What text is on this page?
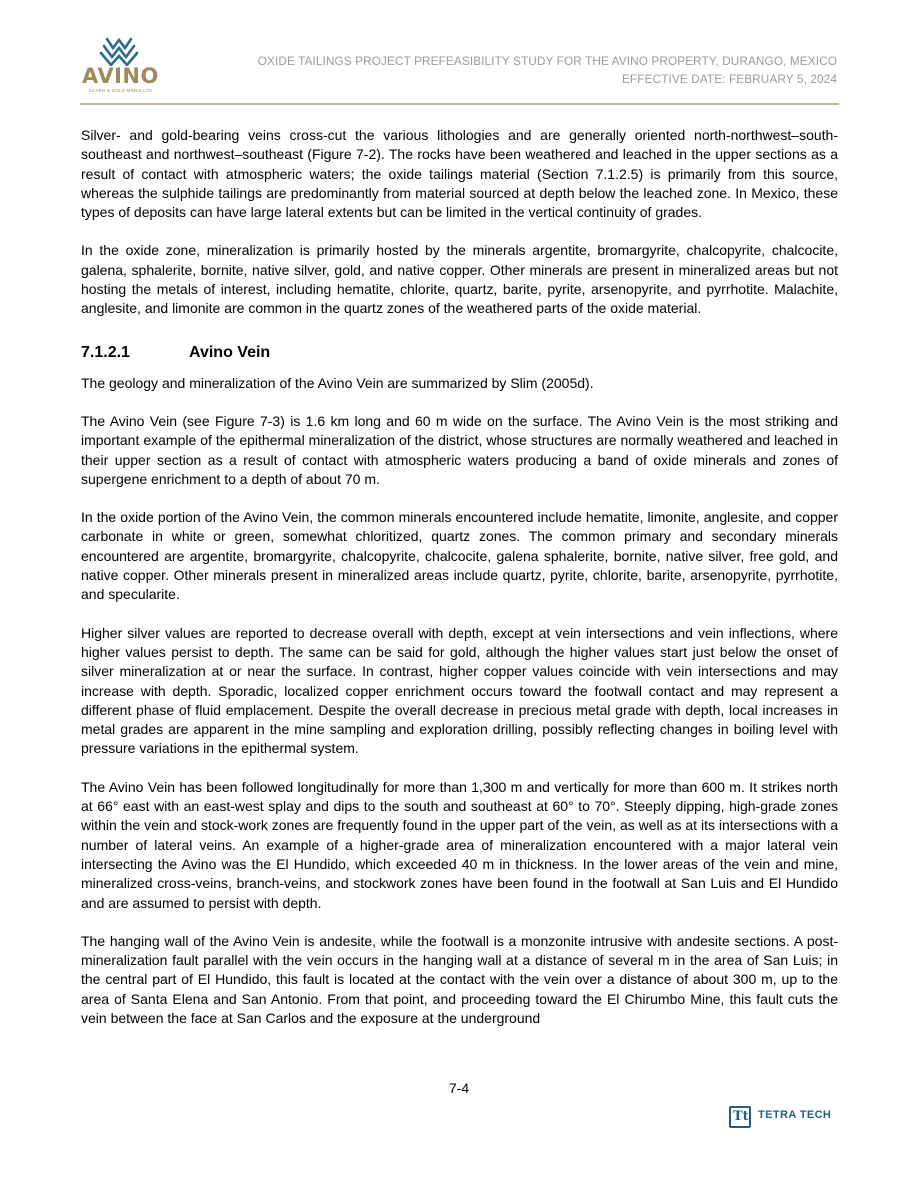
AVINO
SILVER & GOLD MINES LTD.
OXIDE TAILINGS PROJECT PREFEASIBILITY STUDY FOR THE AVINO PROPERTY, DURANGO, MEXICO
EFFECTIVE DATE: FEBRUARY 5, 2024

Silver- and gold-bearing veins cross-cut the various lithologies and are generally oriented north-northwest–south-southeast and northwest–southeast (Figure 7-2). The rocks have been weathered and leached in the upper sections as a result of contact with atmospheric waters; the oxide tailings material (Section 7.1.2.5) is primarily from this source, whereas the sulphide tailings are predominantly from material sourced at depth below the leached zone. In Mexico, these types of deposits can have large lateral extents but can be limited in the vertical continuity of grades.

In the oxide zone, mineralization is primarily hosted by the minerals argentite, bromargyrite, chalcopyrite, chalcocite, galena, sphalerite, bornite, native silver, gold, and native copper. Other minerals are present in mineralized areas but not hosting the metals of interest, including hematite, chlorite, quartz, barite, pyrite, arsenopyrite, and pyrrhotite. Malachite, anglesite, and limonite are common in the quartz zones of the weathered parts of the oxide material.

7.1.2.1	Avino Vein

The geology and mineralization of the Avino Vein are summarized by Slim (2005d).

The Avino Vein (see Figure 7-3) is 1.6 km long and 60 m wide on the surface. The Avino Vein is the most striking and important example of the epithermal mineralization of the district, whose structures are normally weathered and leached in their upper section as a result of contact with atmospheric waters producing a band of oxide minerals and zones of supergene enrichment to a depth of about 70 m.

In the oxide portion of the Avino Vein, the common minerals encountered include hematite, limonite, anglesite, and copper carbonate in white or green, somewhat chloritized, quartz zones. The common primary and secondary minerals encountered are argentite, bromargyrite, chalcopyrite, chalcocite, galena sphalerite, bornite, native silver, free gold, and native copper. Other minerals present in mineralized areas include quartz, pyrite, chlorite, barite, arsenopyrite, pyrrhotite, and specularite.

Higher silver values are reported to decrease overall with depth, except at vein intersections and vein inflections, where higher values persist to depth. The same can be said for gold, although the higher values start just below the onset of silver mineralization at or near the surface. In contrast, higher copper values coincide with vein intersections and may increase with depth. Sporadic, localized copper enrichment occurs toward the footwall contact and may represent a different phase of fluid emplacement. Despite the overall decrease in precious metal grade with depth, local increases in metal grades are apparent in the mine sampling and exploration drilling, possibly reflecting changes in boiling level with pressure variations in the epithermal system.

The Avino Vein has been followed longitudinally for more than 1,300 m and vertically for more than 600 m. It strikes north at 66° east with an east-west splay and dips to the south and southeast at 60° to 70°. Steeply dipping, high-grade zones within the vein and stock-work zones are frequently found in the upper part of the vein, as well as at its intersections with a number of lateral veins. An example of a higher-grade area of mineralization encountered with a major lateral vein intersecting the Avino was the El Hundido, which exceeded 40 m in thickness. In the lower areas of the vein and mine, mineralized cross-veins, branch-veins, and stockwork zones have been found in the footwall at San Luis and El Hundido and are assumed to persist with depth.

The hanging wall of the Avino Vein is andesite, while the footwall is a monzonite intrusive with andesite sections. A post-mineralization fault parallel with the vein occurs in the hanging wall at a distance of several m in the area of San Luis; in the central part of El Hundido, this fault is located at the contact with the vein over a distance of about 300 m, up to the area of Santa Elena and San Antonio. From that point, and proceeding toward the El Chirumbo Mine, this fault cuts the vein between the face at San Carlos and the exposure at the underground

7-4
Tt TETRA TECH
